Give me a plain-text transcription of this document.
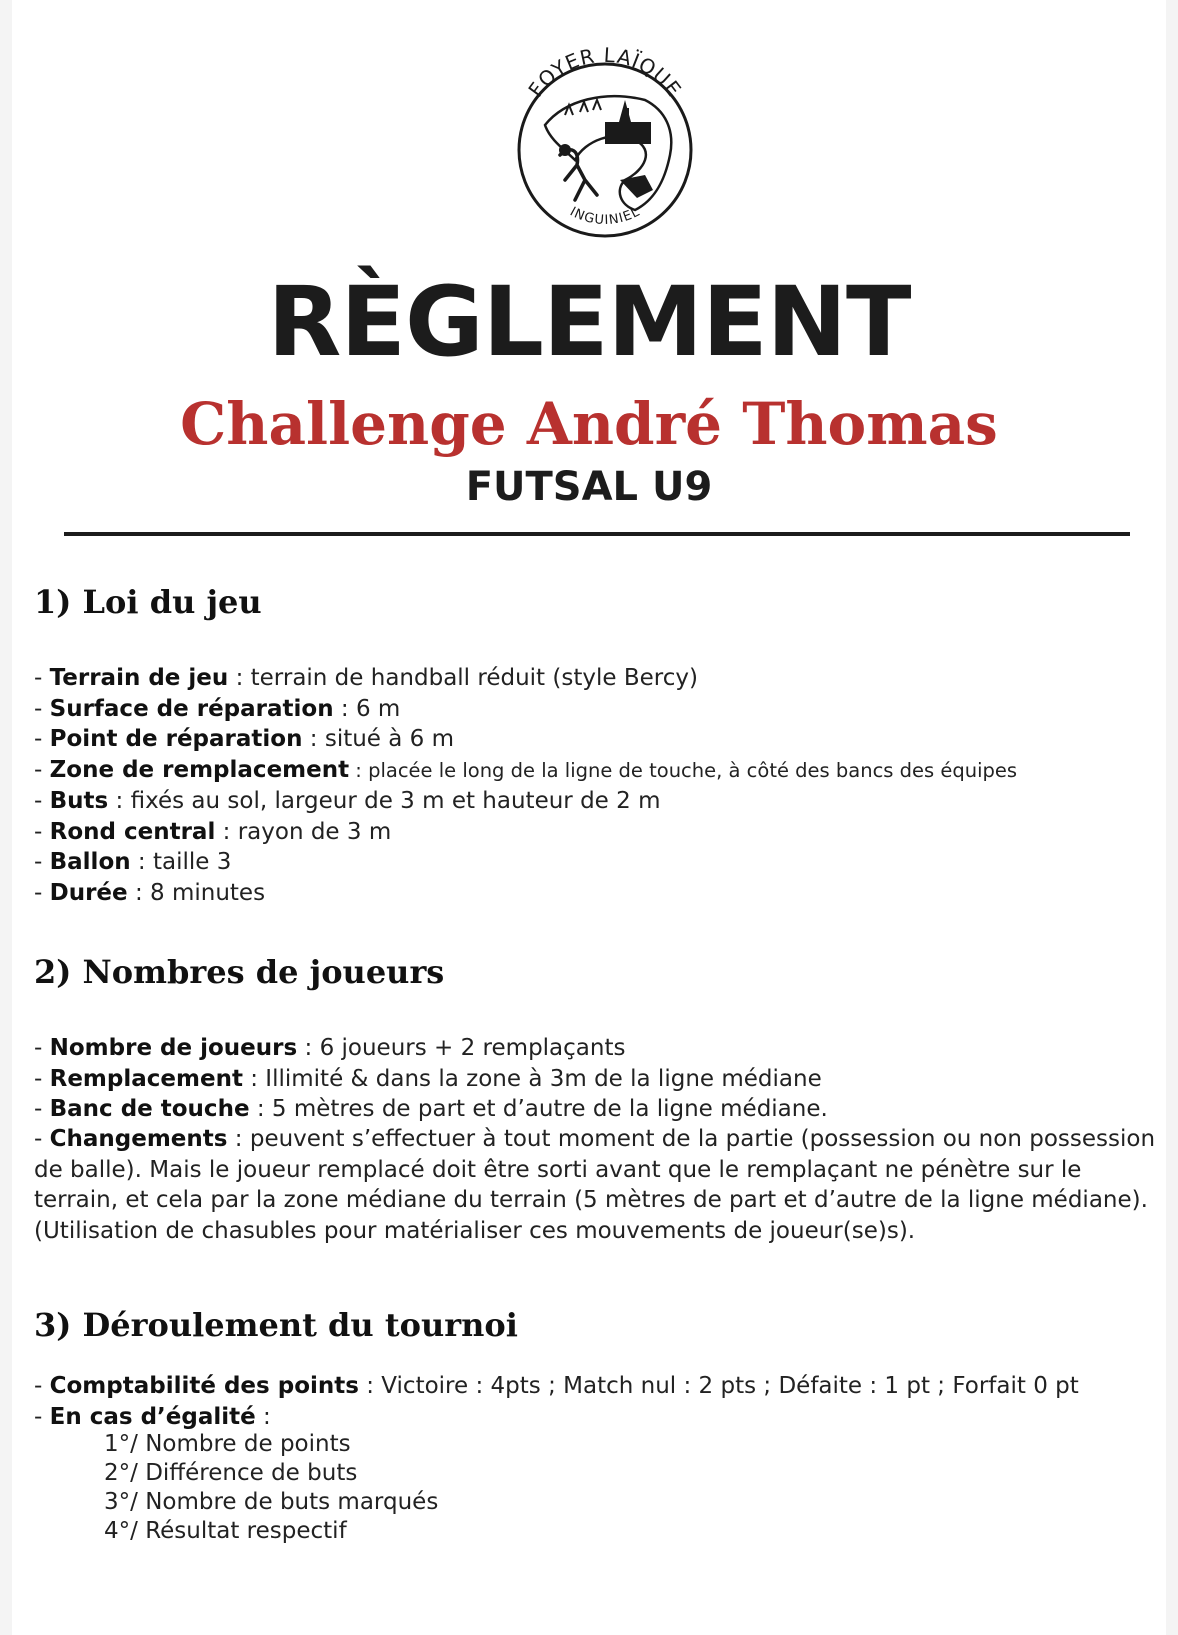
FOYER LAÏQUE
INGUINIEL
RÈGLEMENT
Challenge André Thomas
FUTSAL U9
1) Loi du jeu
- Terrain de jeu : terrain de handball réduit (style Bercy)
- Surface de réparation : 6 m
- Point de réparation : situé à 6 m
- Zone de remplacement : placée le long de la ligne de touche, à côté des bancs des équipes
- Buts : fixés au sol, largeur de 3 m et hauteur de 2 m
- Rond central : rayon de 3 m
- Ballon : taille 3
- Durée : 8 minutes
2) Nombres de joueurs
- Nombre de joueurs : 6 joueurs + 2 remplaçants
- Remplacement : Illimité & dans la zone à 3m de la ligne médiane
- Banc de touche : 5 mètres de part et d’autre de la ligne médiane.

- Changements : peuvent s’effectuer à tout moment de la partie (possession ou non possession de balle). Mais le joueur remplacé doit être sorti avant que le remplaçant ne pénètre sur le terrain, et cela par la zone médiane du terrain (5 mètres de part et d’autre de la ligne médiane). (Utilisation de chasubles pour matérialiser ces mouvements de joueur(se)s).

3) Déroulement du tournoi
- Comptabilité des points : Victoire : 4pts ; Match nul : 2 pts ; Défaite : 1 pt ; Forfait 0 pt
- En cas d’égalité :
1°/ Nombre de points
2°/ Différence de buts
3°/ Nombre de buts marqués
4°/ Résultat respectif
